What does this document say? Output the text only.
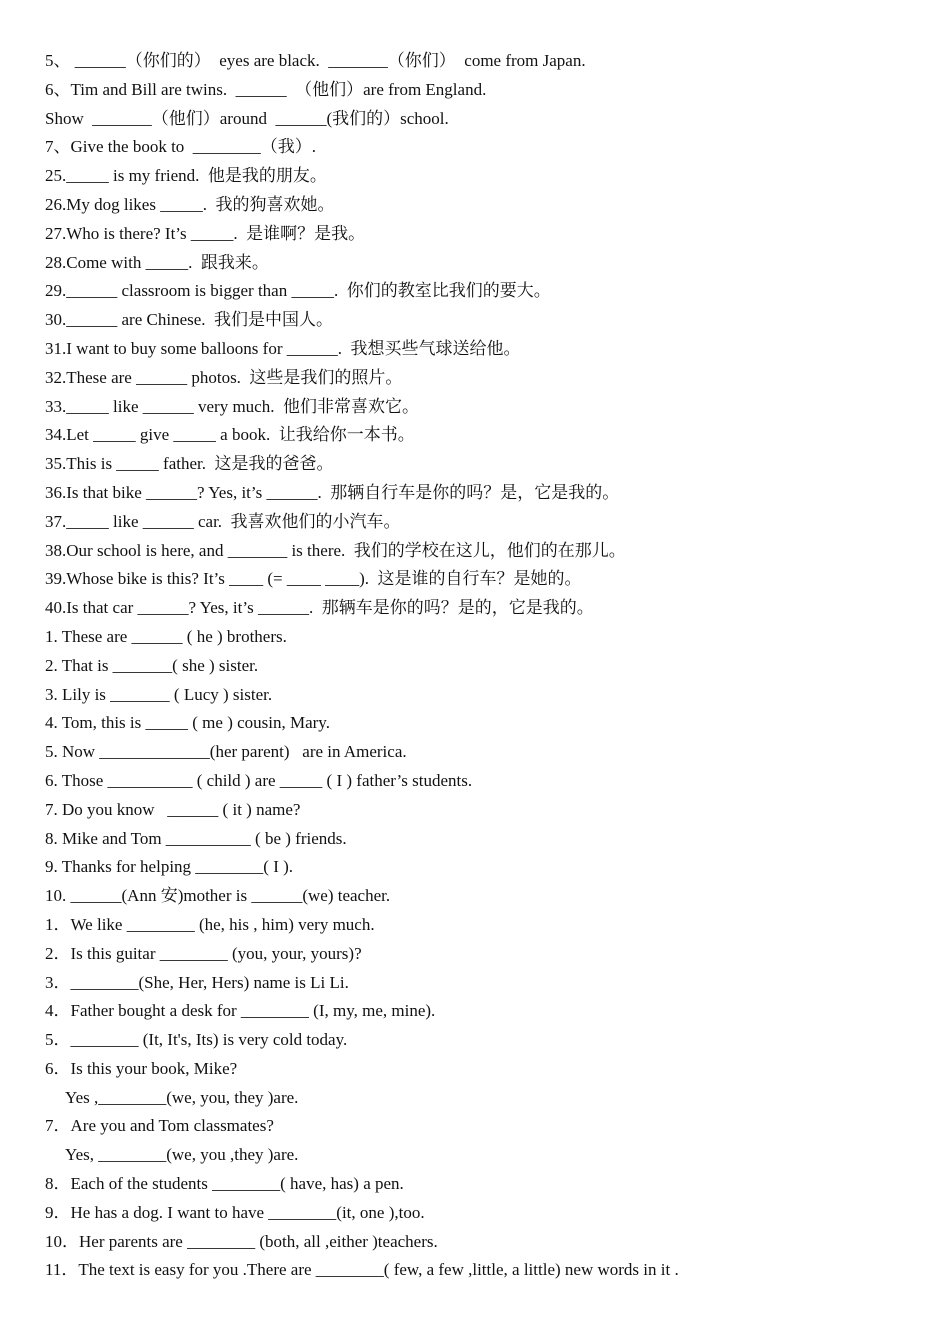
5、 ______（你们的）  eyes are black.  _______（你们）  come from Japan.
6、Tim and Bill are twins.  ______  （他们）are from England.
Show  _______（他们）around  ______(我们的）school.
7、Give the book to  ________（我）.
25._____ is my friend.  他是我的朋友。
26.My dog likes _____.  我的狗喜欢她。
27.Who is there? It’s _____.  是谁啊？是我。
28.Come with _____.  跟我来。
29.______ classroom is bigger than _____.  你们的教室比我们的要大。
30.______ are Chinese.  我们是中国人。
31.I want to buy some balloons for ______.  我想买些气球送给他。
32.These are ______ photos.  这些是我们的照片。
33._____ like ______ very much.  他们非常喜欢它。
34.Let _____ give _____ a book.  让我给你一本书。
35.This is _____ father.  这是我的爸爸。
36.Is that bike ______? Yes, it’s ______.  那辆自行车是你的吗？是，它是我的。
37._____ like ______ car.  我喜欢他们的小汽车。
38.Our school is here, and _______ is there.  我们的学校在这儿，他们的在那儿。
39.Whose bike is this? It’s ____ (= ____ ____).  这是谁的自行车？是她的。
40.Is that car ______? Yes, it’s ______.  那辆车是你的吗？是的，它是我的。
1. These are ______ ( he ) brothers.
2. That is _______( she ) sister.
3. Lily is _______ ( Lucy ) sister.
4. Tom, this is _____ ( me ) cousin, Mary.
5. Now _____________(her parent)   are in America.
6. Those __________ ( child ) are _____ ( I ) father’s students.
7. Do you know   ______ ( it ) name?
8. Mike and Tom __________ ( be ) friends.
9. Thanks for helping ________( I ).
10. ______(Ann 安)mother is ______(we) teacher.
1．We like ________ (he, his , him) very much.
2．Is this guitar ________ (you, your, yours)?
3．________(She, Her, Hers) name is Li Li.
4．Father bought a desk for ________ (I, my, me, mine).
5．________ (It, It's, Its) is very cold today.
6．Is this your book, Mike?
Yes ,________(we, you, they )are.
7．Are you and Tom classmates?
Yes, ________(we, you ,they )are.
8．Each of the students ________( have, has) a pen.
9．He has a dog. I want to have ________(it, one ),too.
10．Her parents are ________ (both, all ,either )teachers.
11．The text is easy for you .There are ________( few, a few ,little, a little) new words in it .
